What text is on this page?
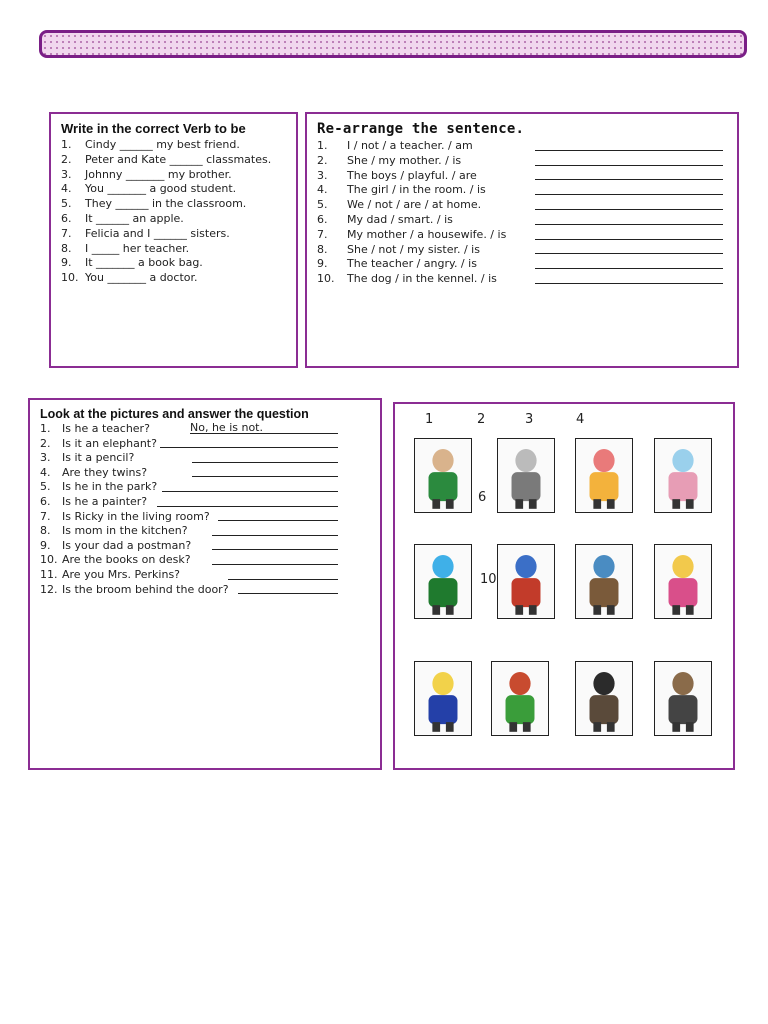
Write in the correct Verb to be
1. Cindy ______ my best friend.
2. Peter and Kate ______ classmates.
3. Johnny _______ my brother.
4. You _______ a good student.
5. They ______ in the classroom.
6. It ______ an apple.
7. Felicia and I ______ sisters.
8. I _____ her teacher.
9. It _______ a book bag.
10. You _______ a doctor.
Re-arrange the sentence.
1. I / not / a teacher. / am
2. She / my mother. / is
3. The boys / playful. / are
4. The girl / in the room. / is
5. We / not / are / at home.
6. My dad / smart. / is
7. My mother / a housewife. / is
8. She / not / my sister. / is
9. The teacher / angry. / is
10. The dog / in the kennel. / is
Look at the pictures and answer the question
1. Is he a teacher?	No, he is not.
2. Is it an elephant?
3. Is it a pencil?
4. Are they twins?
5. Is he in the park?
6. Is he a painter?
7. Is Ricky in the living room?
8. Is mom in the kitchen?
9. Is your dad a postman?
10. Are the books on desk?
11. Are you Mrs. Perkins?
12. Is the broom behind the door?
1	2	3	4
6
10
